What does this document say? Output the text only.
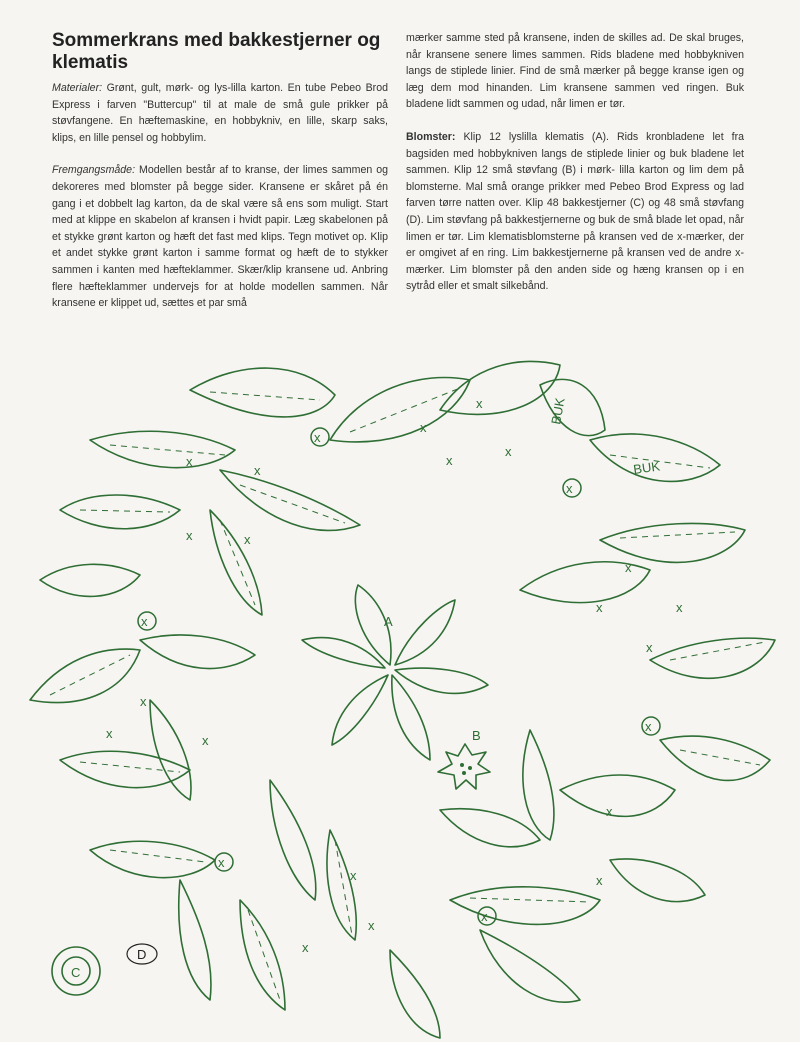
Sommerkrans med bakkestjerner og klematis

Materialer: Grønt, gult, mørk- og lys-lilla karton. En tube Pebeo Brod Express i farven "Buttercup" til at male de små gule prikker på støvfangene. En hæftemaskine, en hobbykniv, en lille, skarp saks, klips, en lille pensel og hobbylim.

Fremgangsmåde: Modellen består af to kranse, der limes sammen og dekoreres med blomster på begge sider. Kransene er skåret på én gang i et dobbelt lag karton, da de skal være så ens som muligt. Start med at klippe en skabelon af kransen i hvidt papir. Læg skabelonen på et stykke grønt karton og hæft det fast med klips. Tegn motivet op. Klip et andet stykke grønt karton i samme format og hæft de to stykker sammen i kanten med hæfteklammer. Skær/klip kransene ud. Anbring flere hæfteklammer undervejs for at holde modellen sammen. Når kransene er klippet ud, sættes et par små

mærker samme sted på kransene, inden de skilles ad. De skal bruges, når kransene senere limes sammen. Rids bladene med hobbykniven langs de stiplede linier. Find de små mærker på begge kranse igen og læg dem mod hinanden. Lim kransene sammen ved ringen. Buk bladene lidt sammen og udad, når limen er tør.

Blomster: Klip 12 lyslilla klematis (A). Rids kronbladene let fra bagsiden med hobbykniven langs de stiplede linier og buk bladene let sammen. Klip 12 små støvfang (B) i mørk- lilla karton og lim dem på blomsterne. Mal små orange prikker med Pebeo Brod Express og lad farven tørre natten over. Klip 48 bakkestjerner (C) og 48 små støvfang (D). Lim støvfang på bakkestjernerne og buk de små blade let opad, når limen er tør. Lim klematisblomsterne på kransen ved de x-mærker, der er omgivet af en ring. Lim bakkestjernerne på kransen ved de andre x-mærker. Lim blomster på den anden side og hæng kransen op i en sytråd eller et smalt silkebånd.

x
x
x
x
x
x
x	x
x
x	x
x
x
x
x
x
x
x
x
x
x
x
x
x
x
x
BUK
BUK
A
B
C
D
